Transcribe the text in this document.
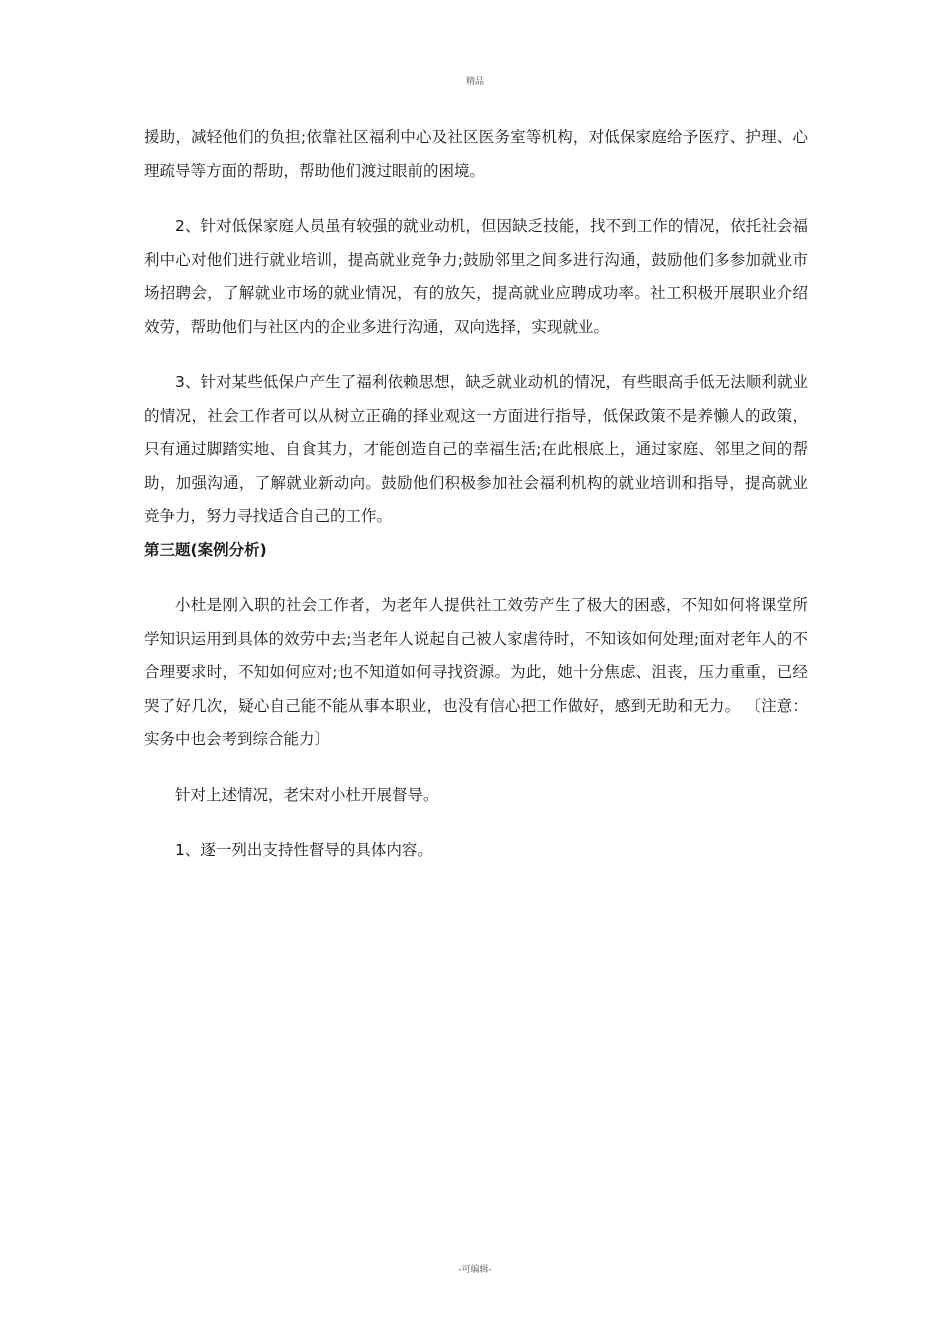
精品

援助，减轻他们的负担;依靠社区福利中心及社区医务室等机构，对低保家庭给予医疗、护理、心理疏导等方面的帮助，帮助他们渡过眼前的困境。

2、针对低保家庭人员虽有较强的就业动机，但因缺乏技能，找不到工作的情况，依托社会福利中心对他们进行就业培训，提高就业竞争力;鼓励邻里之间多进行沟通，鼓励他们多参加就业市场招聘会，了解就业市场的就业情况，有的放矢，提高就业应聘成功率。社工积极开展职业介绍效劳，帮助他们与社区内的企业多进行沟通，双向选择，实现就业。

3、针对某些低保户产生了福利依赖思想，缺乏就业动机的情况，有些眼高手低无法顺利就业的情况，社会工作者可以从树立正确的择业观这一方面进行指导，低保政策不是养懒人的政策，只有通过脚踏实地、自食其力，才能创造自己的幸福生活;在此根底上，通过家庭、邻里之间的帮助，加强沟通，了解就业新动向。鼓励他们积极参加社会福利机构的就业培训和指导，提高就业竞争力，努力寻找适合自己的工作。

第三题(案例分析)

小杜是刚入职的社会工作者，为老年人提供社工效劳产生了极大的困惑，不知如何将课堂所学知识运用到具体的效劳中去;当老年人说起自己被人家虐待时，不知该如何处理;面对老年人的不合理要求时，不知如何应对;也不知道如何寻找资源。为此，她十分焦虑、沮丧，压力重重，已经哭了好几次，疑心自己能不能从事本职业，也没有信心把工作做好，感到无助和无力。 〔注意：实务中也会考到综合能力〕

针对上述情况，老宋对小杜开展督导。

1、逐一列出支持性督导的具体内容。

-可编辑-
